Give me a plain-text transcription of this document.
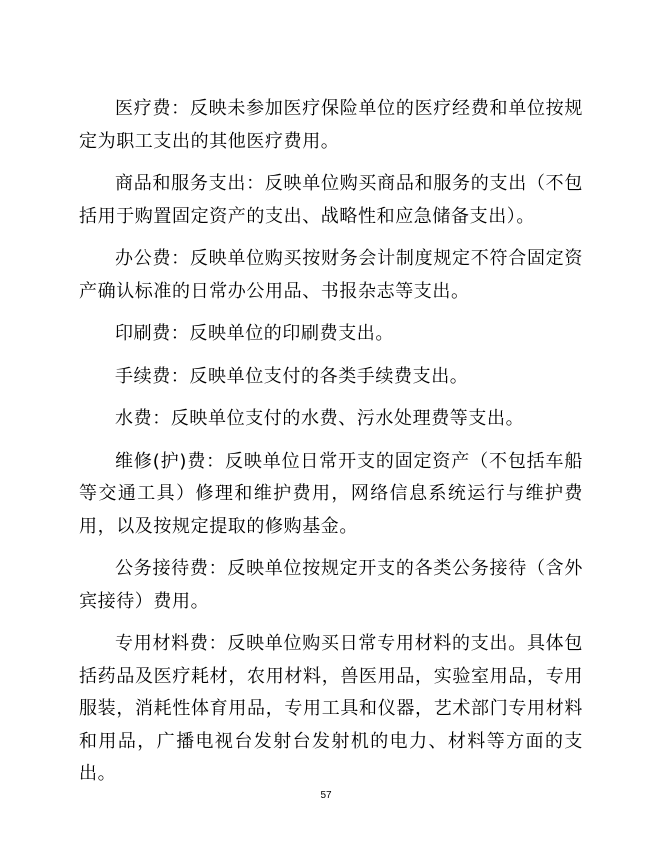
医疗费：反映未参加医疗保险单位的医疗经费和单位按规定为职工支出的其他医疗费用。

商品和服务支出：反映单位购买商品和服务的支出（不包括用于购置固定资产的支出、战略性和应急储备支出）。

办公费：反映单位购买按财务会计制度规定不符合固定资产确认标准的日常办公用品、书报杂志等支出。

印刷费：反映单位的印刷费支出。

手续费：反映单位支付的各类手续费支出。

水费：反映单位支付的水费、污水处理费等支出。

维修(护)费：反映单位日常开支的固定资产（不包括车船等交通工具）修理和维护费用，网络信息系统运行与维护费用，以及按规定提取的修购基金。

公务接待费：反映单位按规定开支的各类公务接待（含外宾接待）费用。

专用材料费：反映单位购买日常专用材料的支出。具体包括药品及医疗耗材，农用材料，兽医用品，实验室用品，专用服装，消耗性体育用品，专用工具和仪器，艺术部门专用材料和用品，广播电视台发射台发射机的电力、材料等方面的支出。

57
